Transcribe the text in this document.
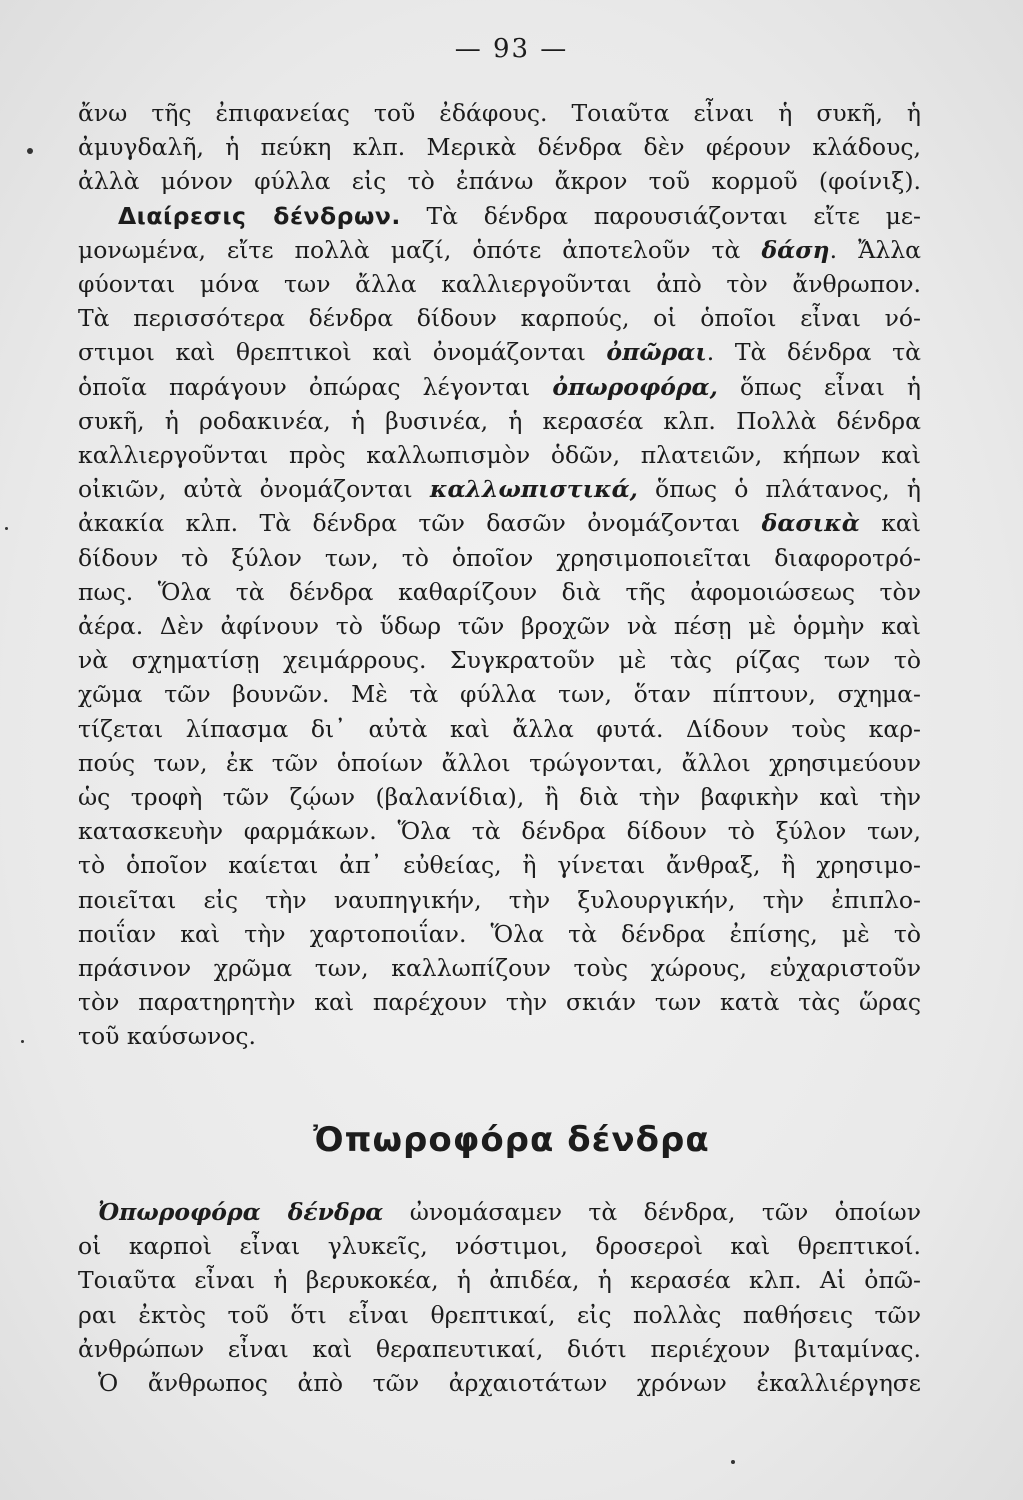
— 93 —
ἄνω τῆς ἐπιφανείας τοῦ ἐδάφους. Τοιαῦτα εἶναι ἡ συκῆ, ἡ
ἀμυγδαλῆ, ἡ πεύκη κλπ. Μερικὰ δένδρα δὲν φέρουν κλάδους,
ἀλλὰ μόνον φύλλα εἰς τὸ ἐπάνω ἄκρον τοῦ κορμοῦ (φοίνιξ).
Διαίρεσις δένδρων. Τὰ δένδρα παρουσιάζονται εἴτε με-
μονωμένα, εἴτε πολλὰ μαζί, ὁπότε ἀποτελοῦν τὰ δάση. Ἄλλα
φύονται μόνα των ἄλλα καλλιεργοῦνται ἀπὸ τὸν ἄνθρωπον.
Τὰ περισσότερα δένδρα δίδουν καρπούς, οἱ ὁποῖοι εἶναι νό-
στιμοι καὶ θρεπτικοὶ καὶ ὀνομάζονται ὀπῶραι. Τὰ δένδρα τὰ
ὁποῖα παράγουν ὀπώρας λέγονται ὀπωροφόρα, ὅπως εἶναι ἡ
συκῆ, ἡ ροδακινέα, ἡ βυσινέα, ἡ κερασέα κλπ. Πολλὰ δένδρα
καλλιεργοῦνται πρὸς καλλωπισμὸν ὁδῶν, πλατειῶν, κήπων καὶ
οἰκιῶν, αὐτὰ ὀνομάζονται καλλωπιστικά, ὅπως ὁ πλάτανος, ἡ
ἀκακία κλπ. Τὰ δένδρα τῶν δασῶν ὀνομάζονται δασικὰ καὶ
δίδουν τὸ ξύλον των, τὸ ὁποῖον χρησιμοποιεῖται διαφοροτρό-
πως. Ὅλα τὰ δένδρα καθαρίζουν διὰ τῆς ἀφομοιώσεως τὸν
ἀέρα. Δὲν ἀφίνουν τὸ ὕδωρ τῶν βροχῶν νὰ πέσῃ μὲ ὁρμὴν καὶ
νὰ σχηματίσῃ χειμάρρους. Συγκρατοῦν μὲ τὰς ρίζας των τὸ
χῶμα τῶν βουνῶν. Μὲ τὰ φύλλα των, ὅταν πίπτουν, σχημα-
τίζεται λίπασμα δι᾿ αὐτὰ καὶ ἄλλα φυτά. Δίδουν τοὺς καρ-
πούς των, ἐκ τῶν ὁποίων ἄλλοι τρώγονται, ἄλλοι χρησιμεύουν
ὡς τροφὴ τῶν ζῴων (βαλανίδια), ἢ διὰ τὴν βαφικὴν καὶ τὴν
κατασκευὴν φαρμάκων. Ὅλα τὰ δένδρα δίδουν τὸ ξύλον των,
τὸ ὁποῖον καίεται ἀπ᾿ εὐθείας, ἢ γίνεται ἄνθραξ, ἢ χρησιμο-
ποιεῖται εἰς τὴν ναυπηγικήν, τὴν ξυλουργικήν, τὴν ἐπιπλο-
ποιΐαν καὶ τὴν χαρτοποιΐαν. Ὅλα τὰ δένδρα ἐπίσης, μὲ τὸ
πράσινον χρῶμα των, καλλωπίζουν τοὺς χώρους, εὐχαριστοῦν
τὸν παρατηρητὴν καὶ παρέχουν τὴν σκιάν των κατὰ τὰς ὥρας
τοῦ καύσωνος.
Ὀπωροφόρα δένδρα
Ὀπωροφόρα δένδρα ὠνομάσαμεν τὰ δένδρα, τῶν ὁποίων
οἱ καρποὶ εἶναι γλυκεῖς, νόστιμοι, δροσεροὶ καὶ θρεπτικοί.
Τοιαῦτα εἶναι ἡ βερυκοκέα, ἡ ἀπιδέα, ἡ κερασέα κλπ. Αἱ ὀπῶ-
ραι ἐκτὸς τοῦ ὅτι εἶναι θρεπτικαί, εἰς πολλὰς παθήσεις τῶν
ἀνθρώπων εἶναι καὶ θεραπευτικαί, διότι περιέχουν βιταμίνας.
Ὁ ἄνθρωπος ἀπὸ τῶν ἀρχαιοτάτων χρόνων ἐκαλλιέργησε
